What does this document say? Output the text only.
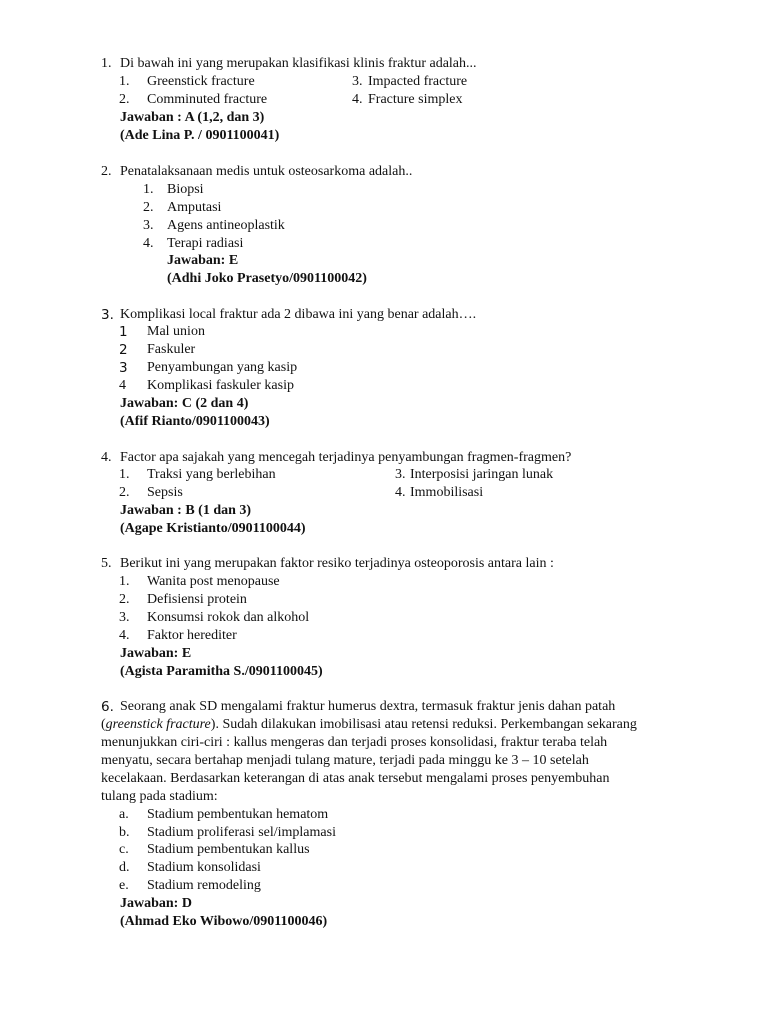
1. Di bawah ini yang merupakan klasifikasi klinis fraktur adalah...
1. Greenstick fracture	3. Impacted fracture
2. Comminuted fracture	4. Fracture simplex
Jawaban : A (1,2, dan 3)
(Ade Lina P. / 0901100041)
2. Penatalaksanaan medis untuk osteosarkoma adalah..
1. Biopsi
2. Amputasi
3. Agens antineoplastik
4. Terapi radiasi
Jawaban: E
(Adhi Joko Prasetyo/0901100042)
3. Komplikasi local fraktur ada 2 dibawa ini yang benar adalah….
1 Mal union
2 Faskuler
3 Penyambungan yang kasip
4 Komplikasi faskuler kasip
Jawaban: C (2 dan 4)
(Afif Rianto/0901100043)
4. Factor apa sajakah yang mencegah terjadinya penyambungan fragmen-fragmen?
1. Traksi yang berlebihan	3. Interposisi jaringan lunak
2. Sepsis	4. Immobilisasi
Jawaban : B (1 dan 3)
(Agape Kristianto/0901100044)
5. Berikut ini yang merupakan faktor resiko terjadinya osteoporosis antara lain :
1. Wanita post menopause
2. Defisiensi protein
3. Konsumsi rokok dan alkohol
4. Faktor herediter
Jawaban: E
(Agista Paramitha S./0901100045)
6. Seorang anak SD mengalami fraktur humerus dextra, termasuk fraktur jenis dahan patah
(greenstick fracture). Sudah dilakukan imobilisasi atau retensi reduksi. Perkembangan sekarang
menunjukkan ciri-ciri : kallus mengeras dan terjadi proses konsolidasi, fraktur teraba telah
menyatu, secara bertahap menjadi tulang mature, terjadi pada minggu ke 3 – 10 setelah
kecelakaan. Berdasarkan keterangan di atas anak tersebut mengalami proses penyembuhan
tulang pada stadium:
a. Stadium pembentukan hematom
b. Stadium proliferasi sel/implamasi
c. Stadium pembentukan kallus
d. Stadium konsolidasi
e. Stadium remodeling
Jawaban: D
(Ahmad Eko Wibowo/0901100046)
